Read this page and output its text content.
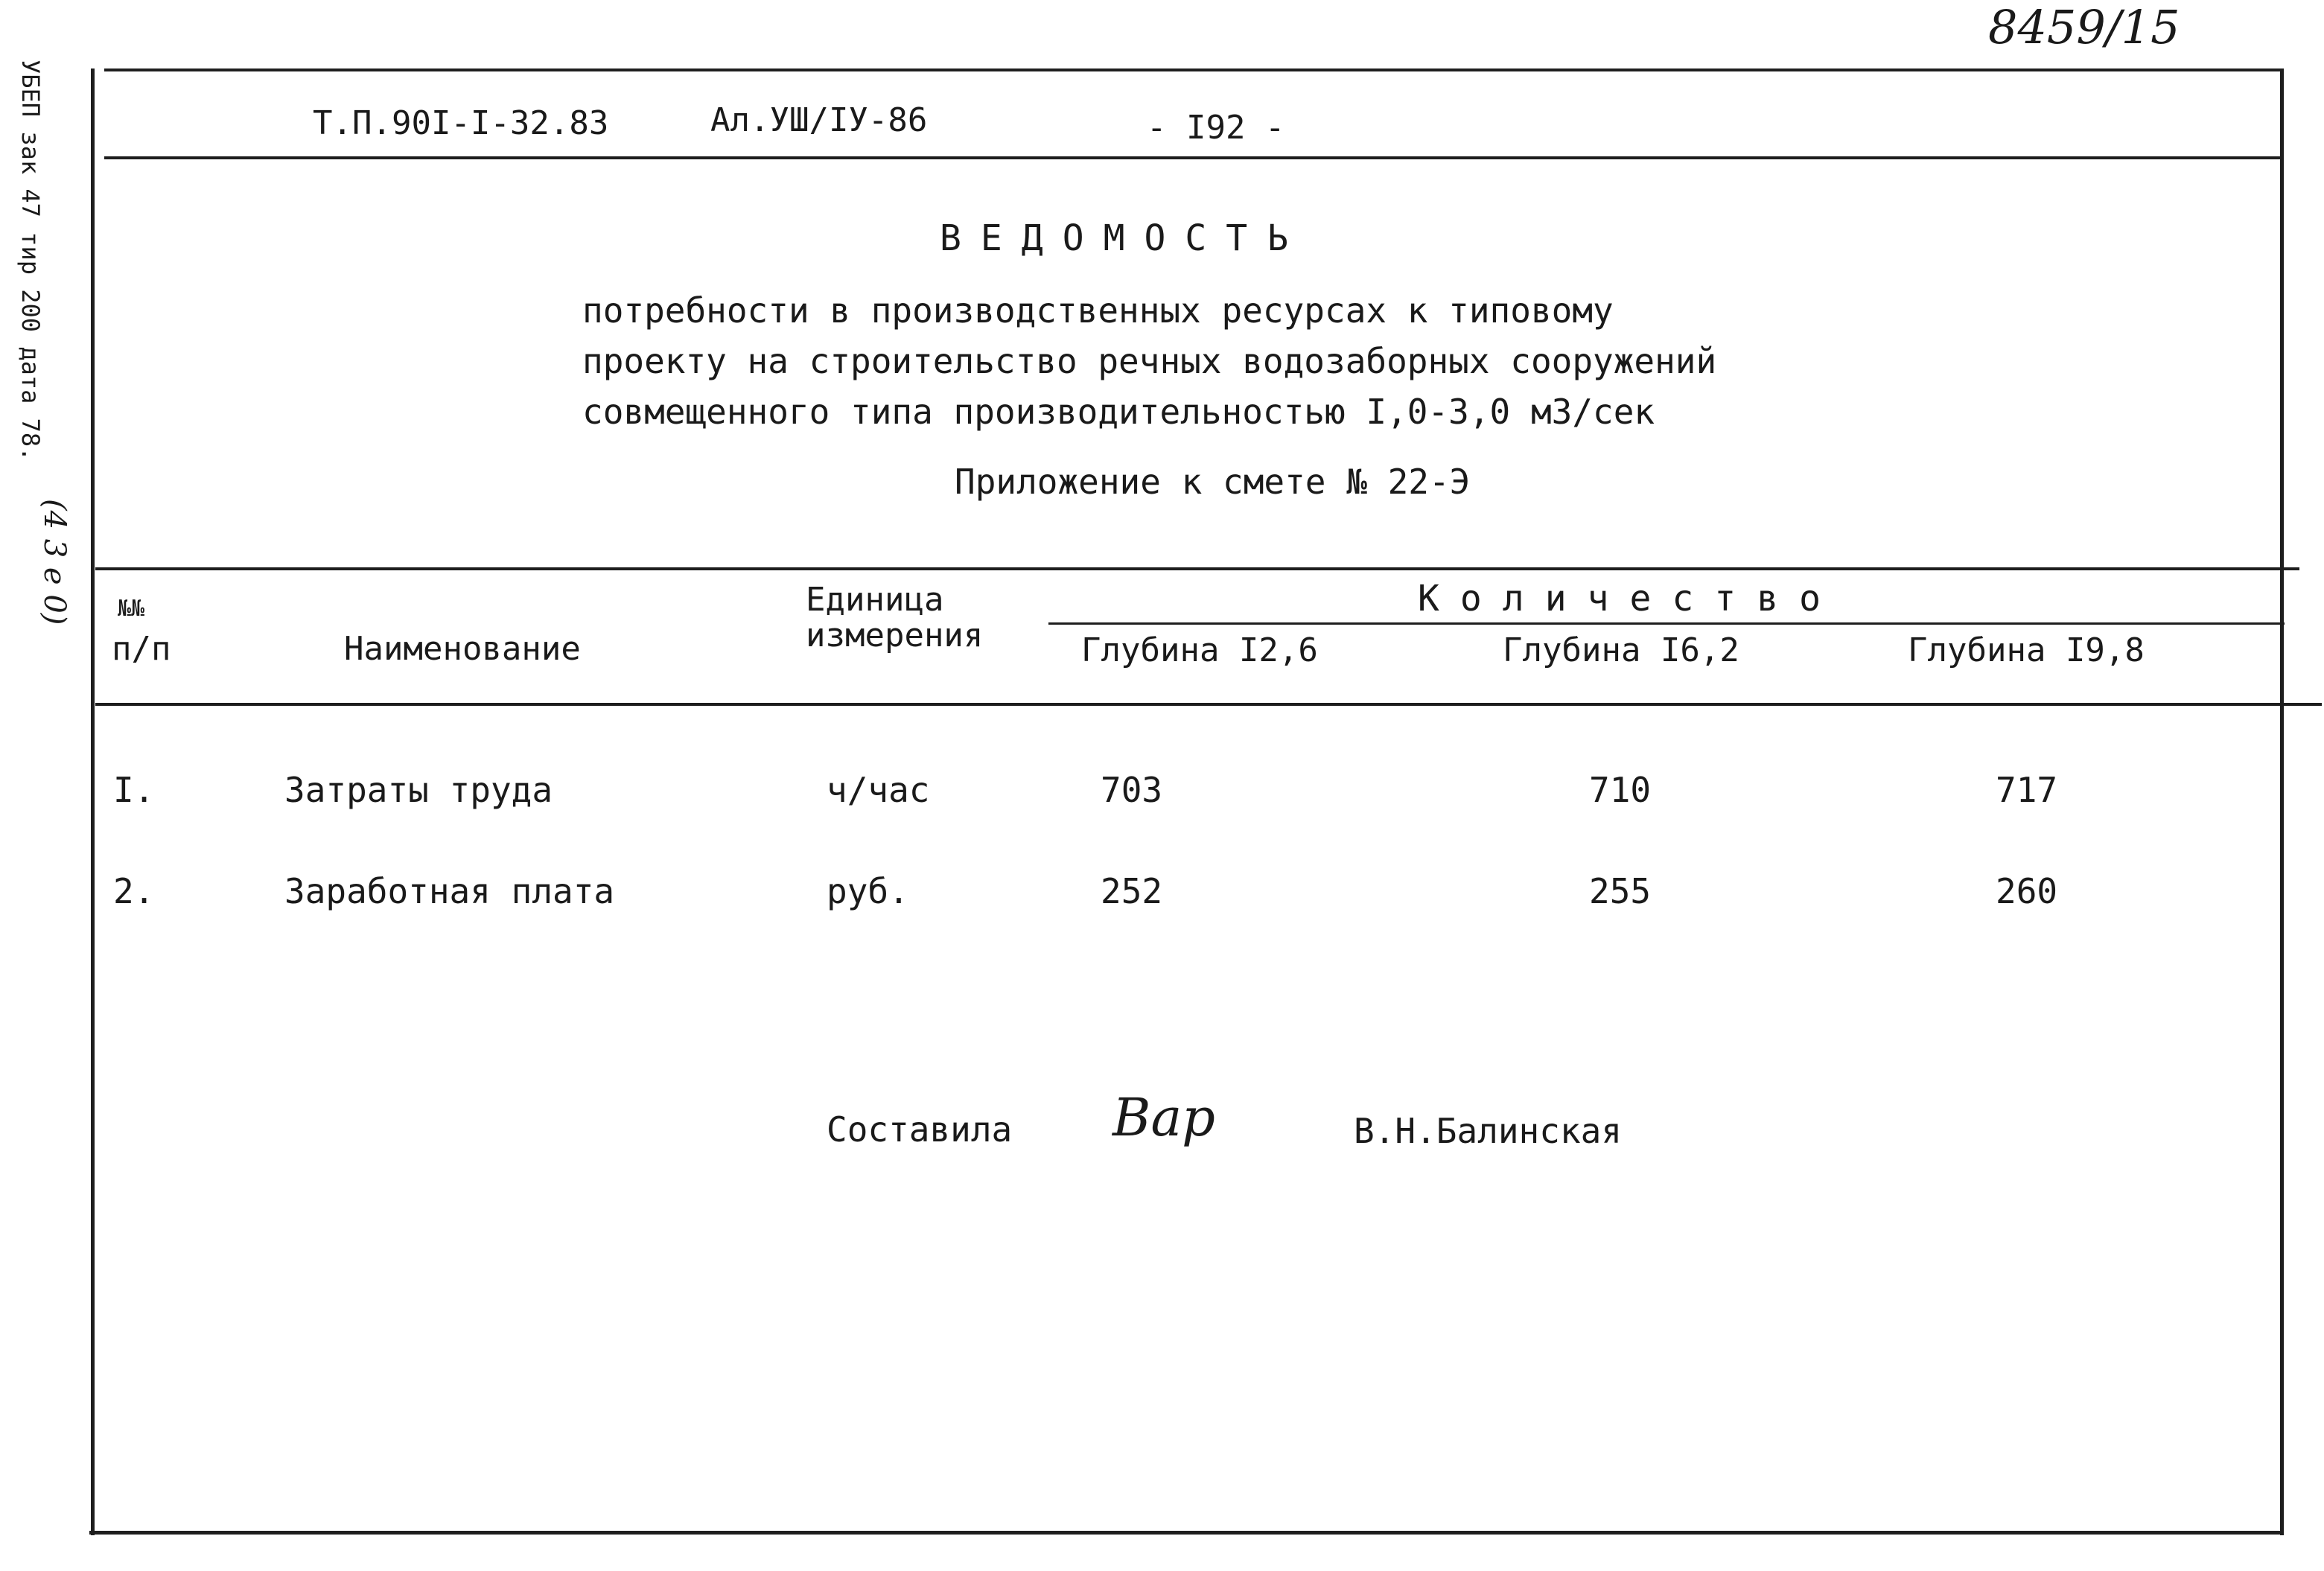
8459/15
УБЕП зак 47 тир 200 дата 78.
(4 3 e 0)
Т.П.90I-I-32.83	Ал.УШ/IУ-86	- I92 -
ВЕДОМОСТЬ
потребности в производственных ресурсах к типовому
проекту на строительство речных водозаборных сооружений
совмещенного типа производительностью I,0-3,0 м3/сек
Приложение к смете № 22-Э
№№
п/п	Наименование
Единица
измерения
Количество
Глубина I2,6	Глубина I6,2	Глубина I9,8
I.	Затраты труда	ч/час	703	710	717
2.	Заработная плата	руб.	252	255	260
Составила Вар	В.Н.Балинская
